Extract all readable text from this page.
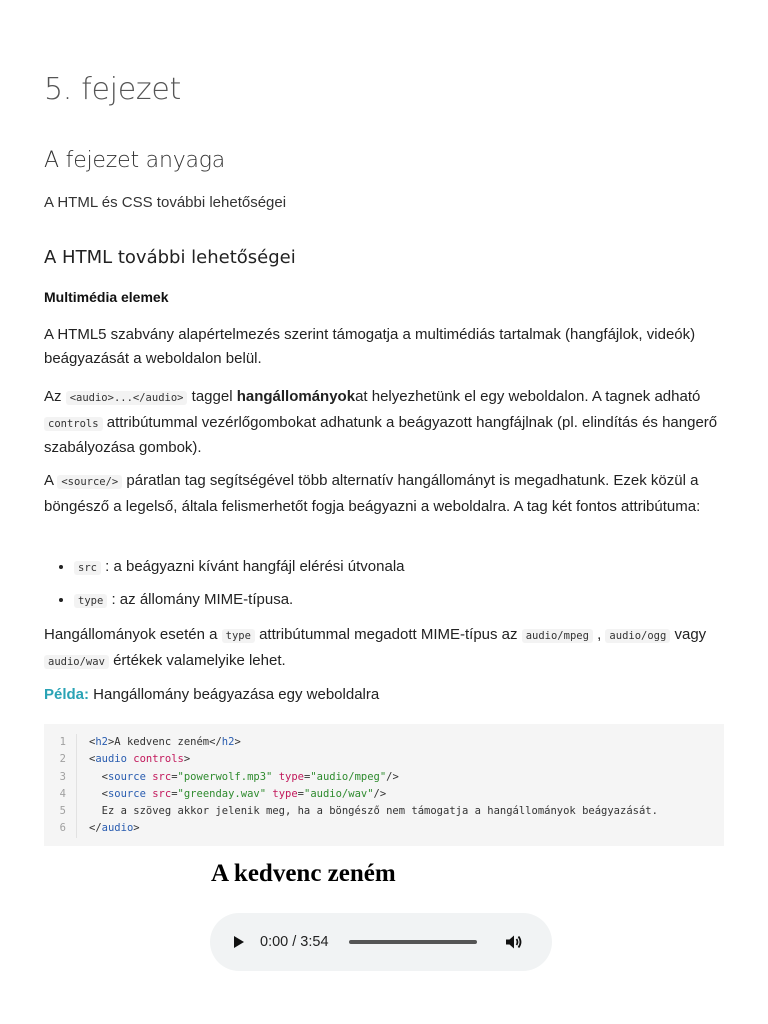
5. fejezet
A fejezet anyaga
A HTML és CSS további lehetőségei
A HTML további lehetőségei
Multimédia elemek

A HTML5 szabvány alapértelmezés szerint támogatja a multimédiás tartalmak (hangfájlok, videók) beágyazását a weboldalon belül.

Az <audio>...</audio> taggel hangállományokat helyezhetünk el egy weboldalon. A tagnek adható controls attribútummal vezérlőgombokat adhatunk a beágyazott hangfájlnak (pl. elindítás és hangerő szabályozása gombok).

A <source/> páratlan tag segítségével több alternatív hangállományt is megadhatunk. Ezek közül a böngésző a legelső, általa felismerhetőt fogja beágyazni a weboldalra. A tag két fontos attribútuma:

• src : a beágyazni kívánt hangfájl elérési útvonala
• type : az állomány MIME-típusa.

Hangállományok esetén a type attribútummal megadott MIME-típus az audio/mpeg , audio/ogg vagy audio/wav értékek valamelyike lehet.

Példa: Hangállomány beágyazása egy weboldalra
1	<h2>A kedvenc zeném</h2>
2	<audio controls>
3	<source src="powerwolf.mp3" type="audio/mpeg"/>
4	<source src="greenday.wav" type="audio/wav"/>
5	Ez a szöveg akkor jelenik meg, ha a böngésző nem támogatja a hangállományok beágyazását.
6	</audio>
A kedvenc zeném
0:00 / 3:54
